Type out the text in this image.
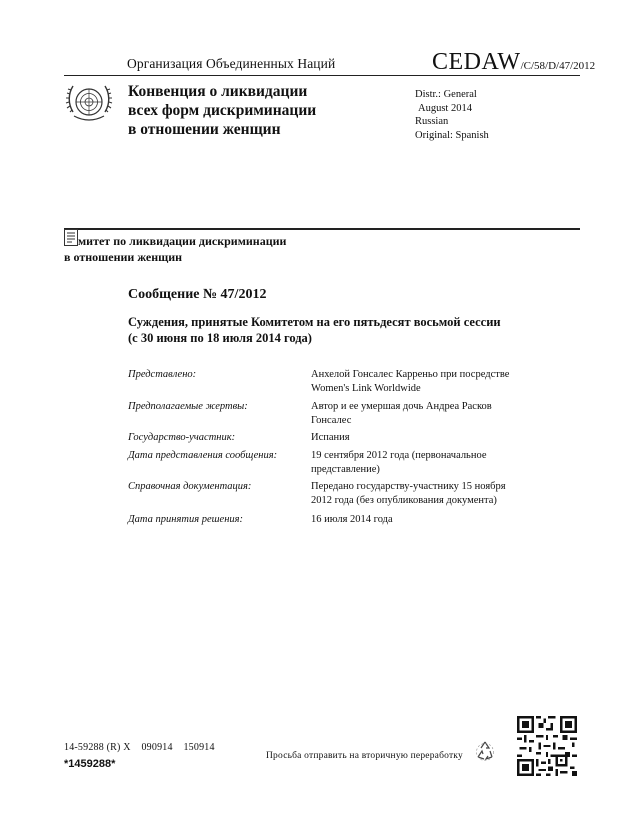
Организация Объединенных Наций	CEDAW/C/58/D/47/2012
Конвенция о ликвидации
всех форм дискриминации
в отношении женщин
Distr.: General
August 2014
Russian
Original: Spanish
митет по ликвидации дискриминации
в отношении женщин
Сообщение № 47/2012
Суждения, принятые Комитетом на его пятьдесят восьмой сессии
(с 30 июня по 18 июля 2014 года)
Представлено:	Анхелой Гонсалес Карреньо при посредстве Women's Link Worldwide
Предполагаемые жертвы:	Автор и ее умершая дочь Андреа Расков Гонсалес
Государство-участник:	Испания
Дата представления сообщения:	19 сентября 2012 года (первоначальное представление)
Справочная документация:	Передано государству-участнику 15 ноября 2012 года (без опубликования документа)
Дата принятия решения:	16 июля 2014 года
14-59288 (R) X    090914    150914
*1459288*
Просьба отправить на вторичную переработку
